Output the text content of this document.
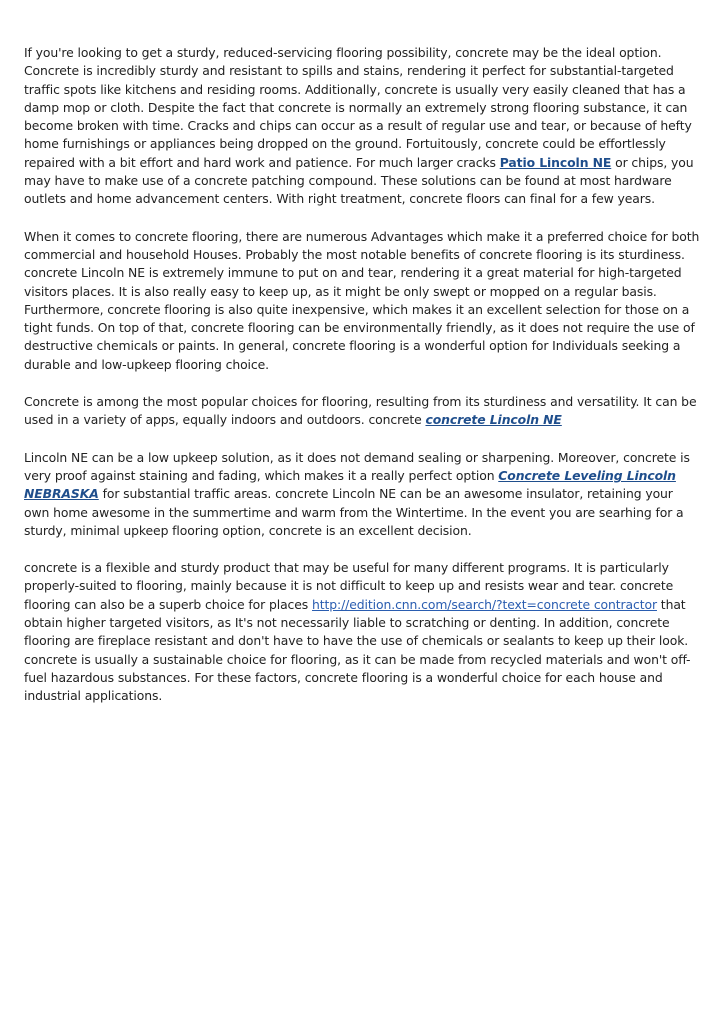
If you're looking to get a sturdy, reduced-servicing flooring possibility, concrete may be the ideal option. Concrete is incredibly sturdy and resistant to spills and stains, rendering it perfect for substantial-targeted traffic spots like kitchens and residing rooms. Additionally, concrete is usually very easily cleaned that has a damp mop or cloth. Despite the fact that concrete is normally an extremely strong flooring substance, it can become broken with time. Cracks and chips can occur as a result of regular use and tear, or because of hefty home furnishings or appliances being dropped on the ground. Fortuitously, concrete could be effortlessly repaired with a bit effort and hard work and patience. For much larger cracks Patio Lincoln NE or chips, you may have to make use of a concrete patching compound. These solutions can be found at most hardware outlets and home advancement centers. With right treatment, concrete floors can final for a few years.

When it comes to concrete flooring, there are numerous Advantages which make it a preferred choice for both commercial and household Houses. Probably the most notable benefits of concrete flooring is its sturdiness. concrete Lincoln NE is extremely immune to put on and tear, rendering it a great material for high-targeted visitors places. It is also really easy to keep up, as it might be only swept or mopped on a regular basis. Furthermore, concrete flooring is also quite inexpensive, which makes it an excellent selection for those on a tight funds. On top of that, concrete flooring can be environmentally friendly, as it does not require the use of destructive chemicals or paints. In general, concrete flooring is a wonderful option for Individuals seeking a durable and low-upkeep flooring choice.

Concrete is among the most popular choices for flooring, resulting from its sturdiness and versatility. It can be used in a variety of apps, equally indoors and outdoors. concrete concrete Lincoln NE

Lincoln NE can be a low upkeep solution, as it does not demand sealing or sharpening. Moreover, concrete is very proof against staining and fading, which makes it a really perfect option Concrete Leveling Lincoln NEBRASKA for substantial traffic areas. concrete Lincoln NE can be an awesome insulator, retaining your own home awesome in the summertime and warm from the Wintertime. In the event you are searhing for a sturdy, minimal upkeep flooring option, concrete is an excellent decision.

concrete is a flexible and sturdy product that may be useful for many different programs. It is particularly properly-suited to flooring, mainly because it is not difficult to keep up and resists wear and tear. concrete flooring can also be a superb choice for places http://edition.cnn.com/search/?text=concrete contractor that obtain higher targeted visitors, as It's not necessarily liable to scratching or denting. In addition, concrete flooring are fireplace resistant and don't have to have the use of chemicals or sealants to keep up their look. concrete is usually a sustainable choice for flooring, as it can be made from recycled materials and won't off-fuel hazardous substances. For these factors, concrete flooring is a wonderful choice for each house and industrial applications.
